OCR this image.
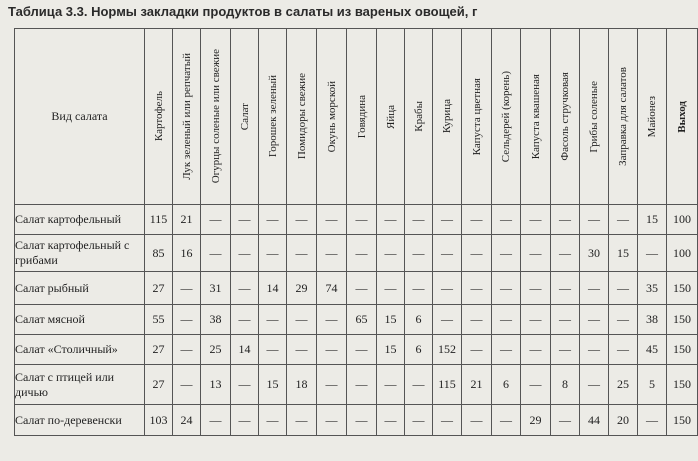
Таблица 3.3. Нормы закладки продуктов в салаты из вареных овощей, г
Вид салата	Картофель	Лук зеленый или репчатый	Огурцы соленые или свежие	Салат	Горошек зеленый	Помидоры свежие	Окунь морской	Говядина	Яйца	Крабы	Курица	Капуста цветная	Сельдерей (корень)	Капуста квашеная	Фасоль стручковая	Грибы соленые	Заправка для салатов	Майонез	Выход

Салат картофельный	115	21	—	—	—	—	—	—	—	—	—	—	—	—	—	—	—	15	100
Салат картофельный с грибами	85	16	—	—	—	—	—	—	—	—	—	—	—	—	—	30	15	—	100
Салат рыбный	27	—	31	—	14	29	74	—	—	—	—	—	—	—	—	—	—	35	150
Салат мясной	55	—	38	—	—	—	—	65	15	6	—	—	—	—	—	—	—	38	150
Салат «Столичный»	27	—	25	14	—	—	—	—	15	6	152	—	—	—	—	—	—	45	150
Салат с птицей или дичью	27	—	13	—	15	18	—	—	—	—	115	21	6	—	8	—	25	5	150
Салат по-деревенски	103	24	—	—	—	—	—	—	—	—	—	—	—	29	—	44	20	—	150
